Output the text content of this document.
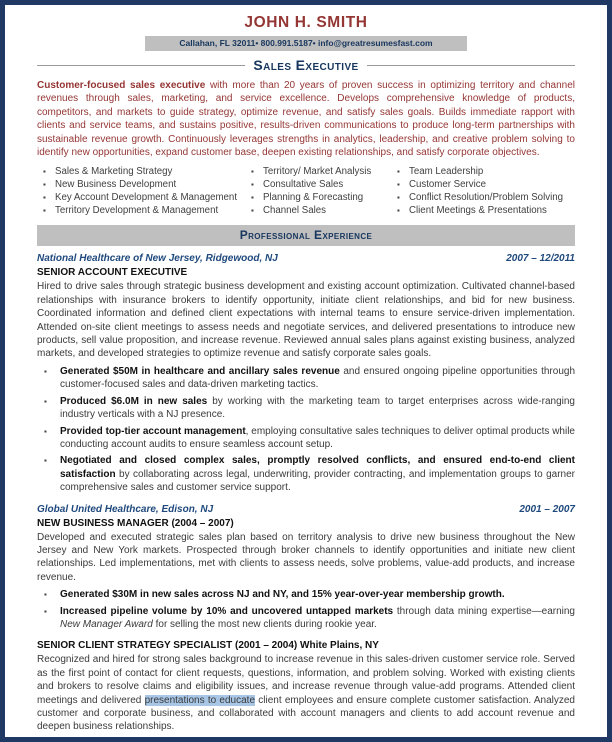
JOHN H. SMITH
Callahan, FL 32011• 800.991.5187• info@greatresumesfast.com
Sales Executive

Customer-focused sales executive with more than 20 years of proven success in optimizing territory and channel revenues through sales, marketing, and service excellence. Develops comprehensive knowledge of products, competitors, and markets to guide strategy, optimize revenue, and satisfy sales goals. Builds immediate rapport with clients and service teams, and sustains positive, results-driven communications to produce long-term partnerships with sustainable revenue growth. Continuously leverages strengths in analytics, leadership, and creative problem solving to identify new opportunities, expand customer base, deepen existing relationships, and satisfy corporate objectives.

▪ Sales & Marketing Strategy
▪ New Business Development
▪ Key Account Development & Management
▪ Territory Development & Management
▪ Territory/ Market Analysis
▪ Consultative Sales
▪ Planning & Forecasting
▪ Channel Sales
▪ Team Leadership
▪ Customer Service
▪ Conflict Resolution/Problem Solving
▪ Client Meetings & Presentations
Professional Experience
National Healthcare of New Jersey, Ridgewood, NJ	2007 – 12/2011
SENIOR ACCOUNT EXECUTIVE

Hired to drive sales through strategic business development and existing account optimization. Cultivated channel-based relationships with insurance brokers to identify opportunity, initiate client relationships, and bid for new business. Coordinated information and defined client expectations with internal teams to ensure service-driven implementation. Attended on-site client meetings to assess needs and negotiate services, and delivered presentations to introduce new products, sell value proposition, and increase revenue. Reviewed annual sales plans against existing business, analyzed markets, and developed strategies to optimize revenue and satisfy corporate sales goals.

▪ Generated $50M in healthcare and ancillary sales revenue and ensured ongoing pipeline opportunities through customer-focused sales and data-driven marketing tactics.
▪ Produced $6.0M in new sales by working with the marketing team to target enterprises across wide-ranging industry verticals with a NJ presence.
▪ Provided top-tier account management, employing consultative sales techniques to deliver optimal products while conducting account audits to ensure seamless account setup.
▪ Negotiated and closed complex sales, promptly resolved conflicts, and ensured end-to-end client satisfaction by collaborating across legal, underwriting, provider contracting, and implementation groups to garner comprehensive sales and customer service support.
Global United Healthcare, Edison, NJ	2001 – 2007
NEW BUSINESS MANAGER (2004 – 2007)

Developed and executed strategic sales plan based on territory analysis to drive new business throughout the New Jersey and New York markets. Prospected through broker channels to identify opportunities and initiate new client relationships. Led implementations, met with clients to assess needs, solve problems, value-add products, and increase revenue.

▪ Generated $30M in new sales across NJ and NY, and 15% year-over-year membership growth.
▪ Increased pipeline volume by 10% and uncovered untapped markets through data mining expertise—earning New Manager Award for selling the most new clients during rookie year.
SENIOR CLIENT STRATEGY SPECIALIST (2001 – 2004) White Plains, NY

Recognized and hired for strong sales background to increase revenue in this sales-driven customer service role. Served as the first point of contact for client requests, questions, information, and problem solving. Worked with existing clients and brokers to resolve claims and eligibility issues, and increase revenue through value-add programs. Attended client meetings and delivered presentations to educate client employees and ensure complete customer satisfaction. Analyzed customer and corporate business, and collaborated with account managers and clients to add account revenue and deepen business relationships.
